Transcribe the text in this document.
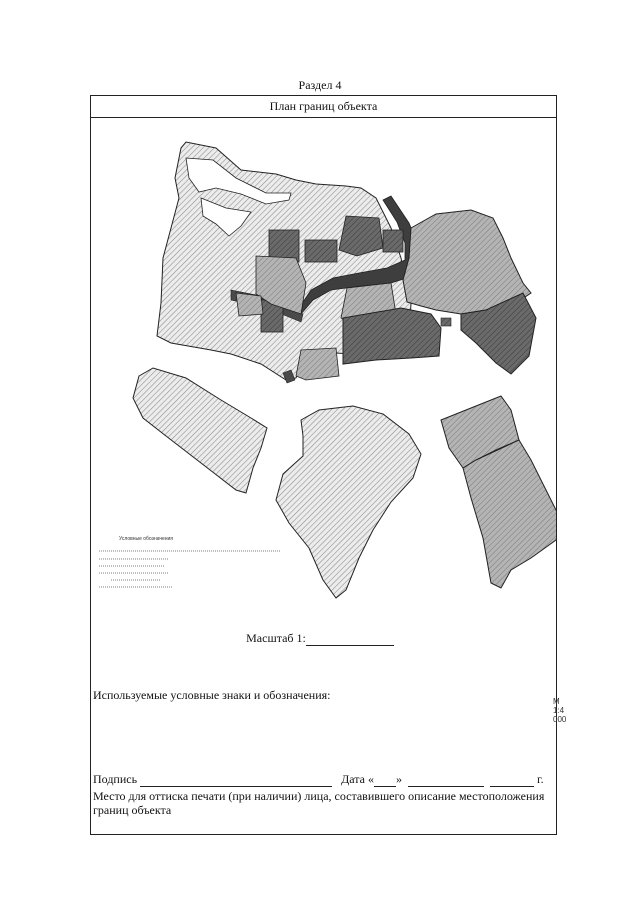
Раздел 4
План границ объекта
Условные обозначения
М 1:4 000
Масштаб 1:
Используемые условные знаки и обозначения:
Подпись	Дата « »	г.
Место для оттиска печати (при наличии) лица, составившего описание местоположения границ объекта
